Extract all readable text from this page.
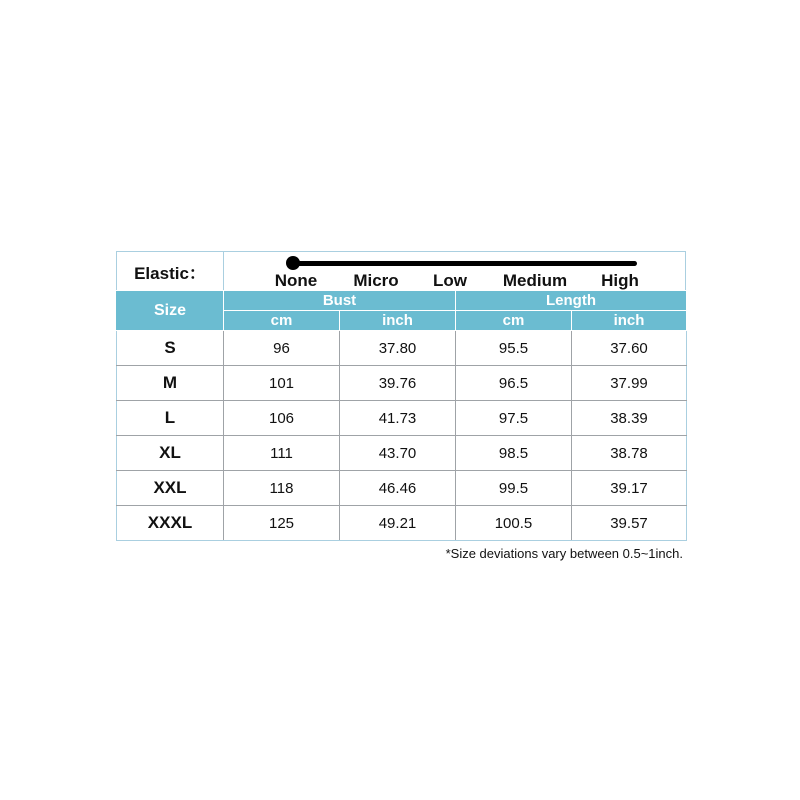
Elastic：	None Micro Low Medium High
Size	Bust		Length	
	cm	inch	cm	inch
S	96	37.80	95.5	37.60
M	101	39.76	96.5	37.99
L	106	41.73	97.5	38.39
XL	111	43.70	98.5	38.78
XXL	118	46.46	99.5	39.17
XXXL	125	49.21	100.5	39.57
*Size deviations vary between 0.5~1inch.
